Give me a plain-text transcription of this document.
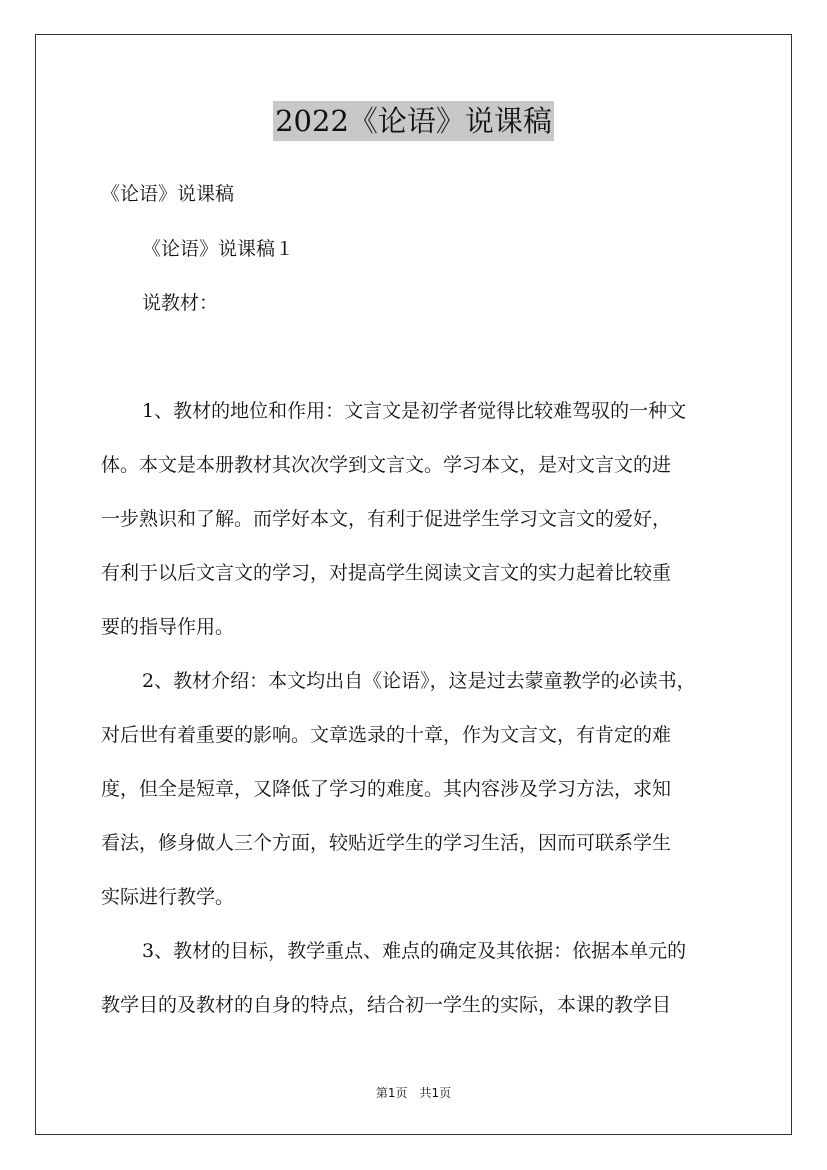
2022《论语》说课稿
《论语》说课稿
《论语》说课稿１
说教材：
1、教材的地位和作用：文言文是初学者觉得比较难驾驭的一种文
体。本文是本册教材其次次学到文言文。学习本文，是对文言文的进
一步熟识和了解。而学好本文，有利于促进学生学习文言文的爱好，
有利于以后文言文的学习，对提高学生阅读文言文的实力起着比较重
要的指导作用。
2、教材介绍：本文均出自《论语》，这是过去蒙童教学的必读书，
对后世有着重要的影响。文章选录的十章，作为文言文，有肯定的难
度，但全是短章，又降低了学习的难度。其内容涉及学习方法，求知
看法，修身做人三个方面，较贴近学生的学习生活，因而可联系学生
实际进行教学。
3、教材的目标，教学重点、难点的确定及其依据：依据本单元的
教学目的及教材的自身的特点，结合初一学生的实际，本课的教学目
第1页　共1页
